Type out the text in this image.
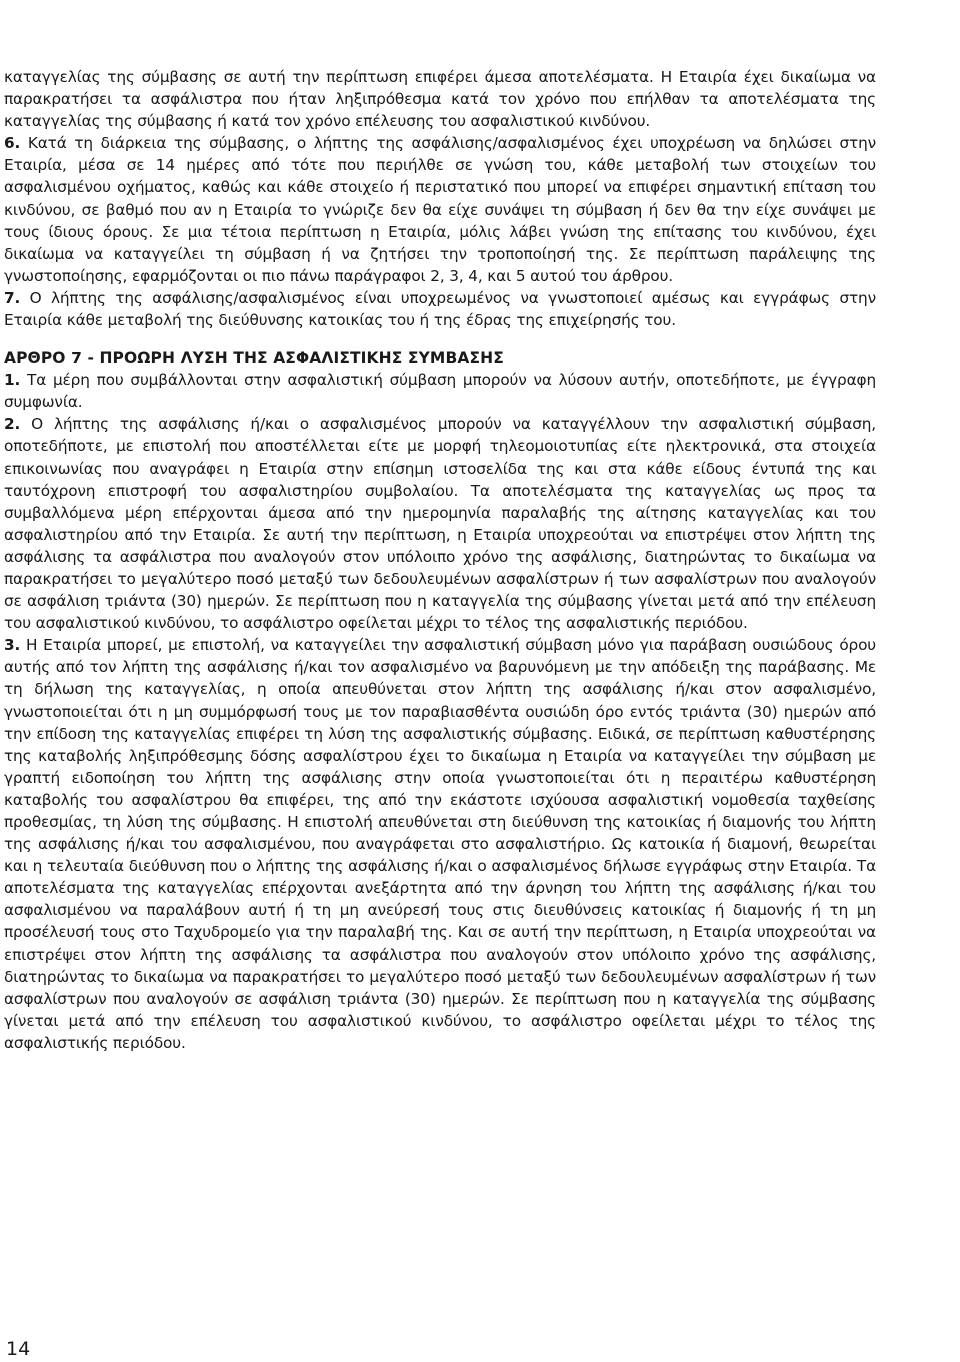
καταγγελίας της σύμβασης σε αυτή την περίπτωση επιφέρει άμεσα αποτελέσματα. Η Εταιρία έχει δικαίωμα να παρακρατήσει τα ασφάλιστρα που ήταν ληξιπρόθεσμα κατά τον χρόνο που επήλθαν τα αποτελέσματα της καταγγελίας της σύμβασης ή κατά τον χρόνο επέλευσης του ασφαλιστικού κινδύνου.

6. Κατά τη διάρκεια της σύμβασης, ο λήπτης της ασφάλισης/ασφαλισμένος έχει υποχρέωση να δηλώσει στην Εταιρία, μέσα σε 14 ημέρες από τότε που περιήλθε σε γνώση του, κάθε μεταβολή των στοιχείων του ασφαλισμένου οχήματος, καθώς και κάθε στοιχείο ή περιστατικό που μπορεί να επιφέρει σημαντική επίταση του κινδύνου, σε βαθμό που αν η Εταιρία το γνώριζε δεν θα είχε συνάψει τη σύμβαση ή δεν θα την είχε συνάψει με τους ίδιους όρους. Σε μια τέτοια περίπτωση η Εταιρία, μόλις λάβει γνώση της επίτασης του κινδύνου, έχει δικαίωμα να καταγγείλει τη σύμβαση ή να ζητήσει την τροποποίησή της. Σε περίπτωση παράλειψης της γνωστοποίησης, εφαρμόζονται οι πιο πάνω παράγραφοι 2, 3, 4, και 5 αυτού του άρθρου.

7. Ο λήπτης της ασφάλισης/ασφαλισμένος είναι υποχρεωμένος να γνωστοποιεί αμέσως και εγγράφως στην Εταιρία κάθε μεταβολή της διεύθυνσης κατοικίας του ή της έδρας της επιχείρησής του.

ΑΡΘΡΟ 7 - ΠΡΟΩΡΗ ΛΥΣΗ ΤΗΣ ΑΣΦΑΛΙΣΤΙΚΗΣ ΣΥΜΒΑΣΗΣ

1. Τα μέρη που συμβάλλονται στην ασφαλιστική σύμβαση μπορούν να λύσουν αυτήν, οποτεδήποτε, με έγγραφη συμφωνία.

2. Ο λήπτης της ασφάλισης ή/και ο ασφαλισμένος μπορούν να καταγγέλλουν την ασφαλιστική σύμβαση, οποτεδήποτε, με επιστολή που αποστέλλεται είτε με μορφή τηλεομοιοτυπίας είτε ηλεκτρονικά, στα στοιχεία επικοινωνίας που αναγράφει η Εταιρία στην επίσημη ιστοσελίδα της και στα κάθε είδους έντυπά της και ταυτόχρονη επιστροφή του ασφαλιστηρίου συμβολαίου. Τα αποτελέσματα της καταγγελίας ως προς τα συμβαλλόμενα μέρη επέρχονται άμεσα από την ημερομηνία παραλαβής της αίτησης καταγγελίας και του ασφαλιστηρίου από την Εταιρία. Σε αυτή την περίπτωση, η Εταιρία υποχρεούται να επιστρέψει στον λήπτη της ασφάλισης τα ασφάλιστρα που αναλογούν στον υπόλοιπο χρόνο της ασφάλισης, διατηρώντας το δικαίωμα να παρακρατήσει το μεγαλύτερο ποσό μεταξύ των δεδουλευμένων ασφαλίστρων ή των ασφαλίστρων που αναλογούν σε ασφάλιση τριάντα (30) ημερών. Σε περίπτωση που η καταγγελία της σύμβασης γίνεται μετά από την επέλευση του ασφαλιστικού κινδύνου, το ασφάλιστρο οφείλεται μέχρι το τέλος της ασφαλιστικής περιόδου.

3. Η Εταιρία μπορεί, με επιστολή, να καταγγείλει την ασφαλιστική σύμβαση μόνο για παράβαση ουσιώδους όρου αυτής από τον λήπτη της ασφάλισης ή/και τον ασφαλισμένο να βαρυνόμενη με την απόδειξη της παράβασης. Με τη δήλωση της καταγγελίας, η οποία απευθύνεται στον λήπτη της ασφάλισης ή/και στον ασφαλισμένο, γνωστοποιείται ότι η μη συμμόρφωσή τους με τον παραβιασθέντα ουσιώδη όρο εντός τριάντα (30) ημερών από την επίδοση της καταγγελίας επιφέρει τη λύση της ασφαλιστικής σύμβασης. Ειδικά, σε περίπτωση καθυστέρησης της καταβολής ληξιπρόθεσμης δόσης ασφαλίστρου έχει το δικαίωμα η Εταιρία να καταγγείλει την σύμβαση με γραπτή ειδοποίηση του λήπτη της ασφάλισης στην οποία γνωστοποιείται ότι η περαιτέρω καθυστέρηση καταβολής του ασφαλίστρου θα επιφέρει, της από την εκάστοτε ισχύουσα ασφαλιστική νομοθεσία ταχθείσης προθεσμίας, τη λύση της σύμβασης. Η επιστολή απευθύνεται στη διεύθυνση της κατοικίας ή διαμονής του λήπτη της ασφάλισης ή/και του ασφαλισμένου, που αναγράφεται στο ασφαλιστήριο. Ως κατοικία ή διαμονή, θεωρείται και η τελευταία διεύθυνση που ο λήπτης της ασφάλισης ή/και ο ασφαλισμένος δήλωσε εγγράφως στην Εταιρία. Τα αποτελέσματα της καταγγελίας επέρχονται ανεξάρτητα από την άρνηση του λήπτη της ασφάλισης ή/και του ασφαλισμένου να παραλάβουν αυτή ή τη μη ανεύρεσή τους στις διευθύνσεις κατοικίας ή διαμονής ή τη μη προσέλευσή τους στο Ταχυδρομείο για την παραλαβή της. Και σε αυτή την περίπτωση, η Εταιρία υποχρεούται να επιστρέψει στον λήπτη της ασφάλισης τα ασφάλιστρα που αναλογούν στον υπόλοιπο χρόνο της ασφάλισης, διατηρώντας το δικαίωμα να παρακρατήσει το μεγαλύτερο ποσό μεταξύ των δεδουλευμένων ασφαλίστρων ή των ασφαλίστρων που αναλογούν σε ασφάλιση τριάντα (30) ημερών. Σε περίπτωση που η καταγγελία της σύμβασης γίνεται μετά από την επέλευση του ασφαλιστικού κινδύνου, το ασφάλιστρο οφείλεται μέχρι το τέλος της ασφαλιστικής περιόδου.

14
